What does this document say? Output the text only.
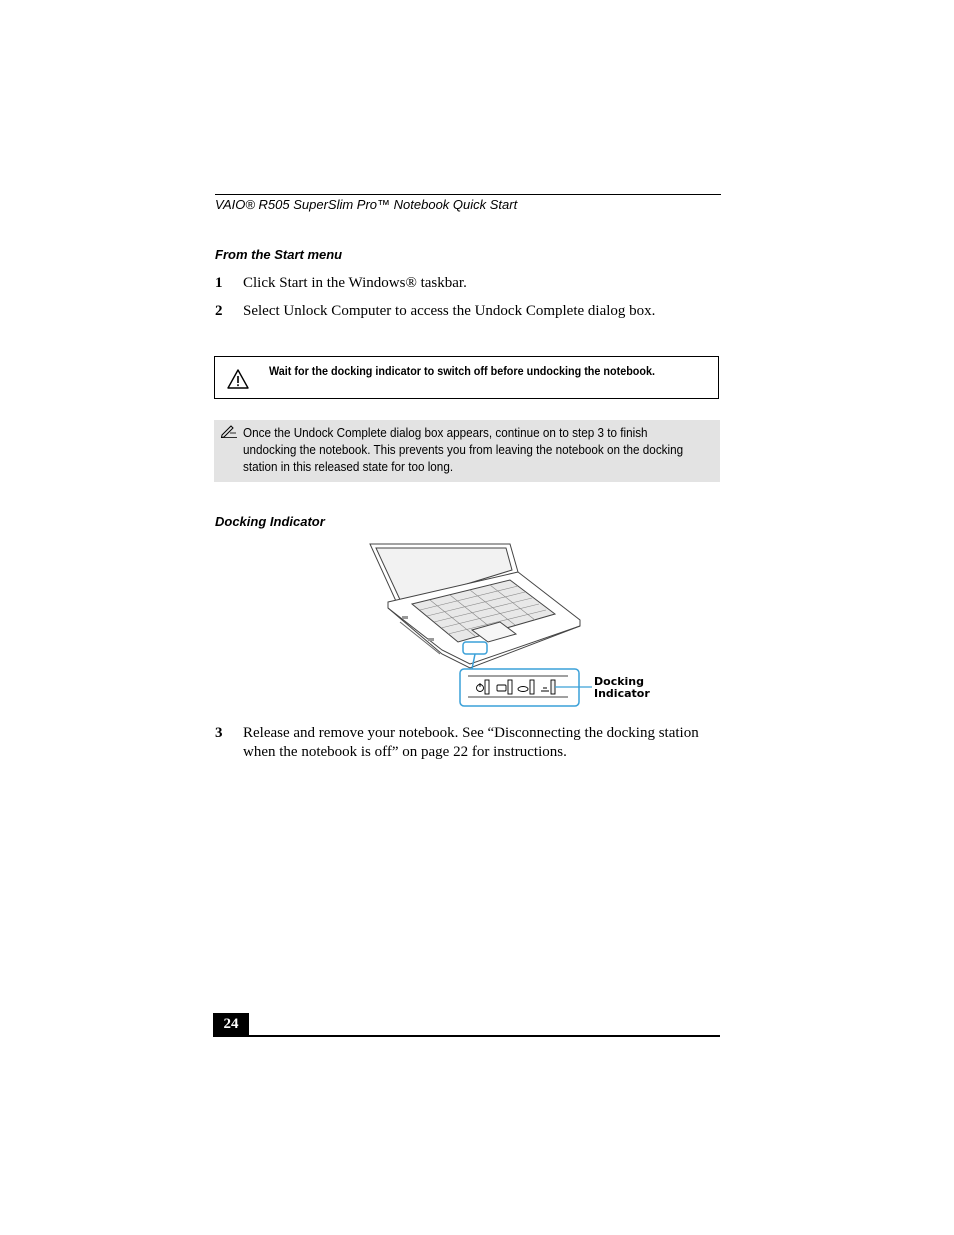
VAIO® R505 SuperSlim Pro™ Notebook Quick Start
From the Start menu
1 Click Start in the Windows® taskbar.
2 Select Unlock Computer to access the Undock Complete dialog box.
Wait for the docking indicator to switch off before undocking the notebook.
Once the Undock Complete dialog box appears, continue on to step 3 to finish
undocking the notebook. This prevents you from leaving the notebook on the docking
station in this released state for too long.
Docking Indicator
Docking
Indicator
3 Release and remove your notebook. See “Disconnecting the docking station when the notebook is off” on page 22 for instructions.
24
